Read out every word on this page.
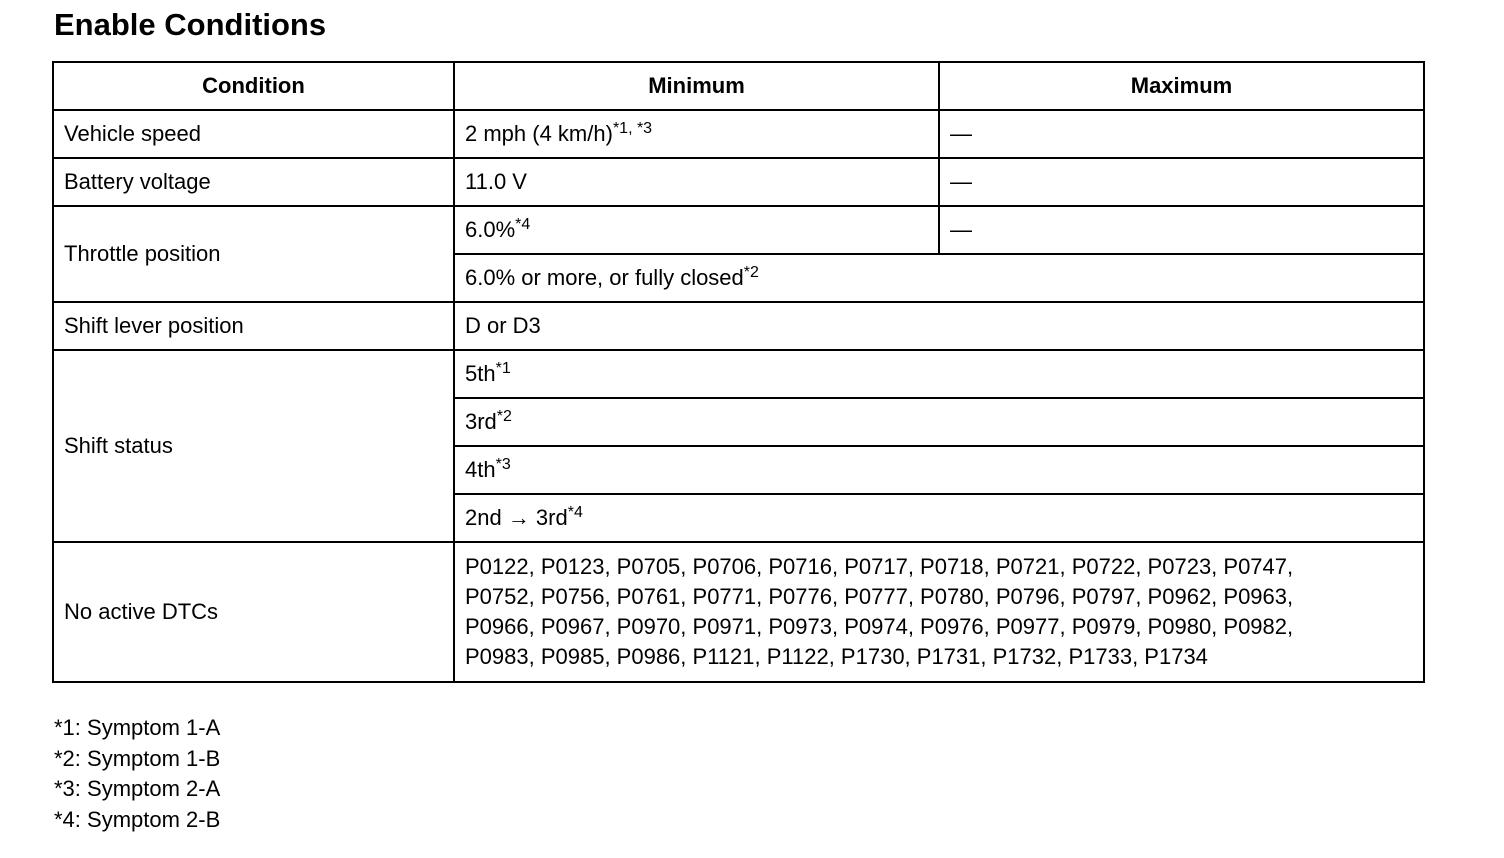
Enable Conditions
Condition	Minimum	Maximum
Vehicle speed	2 mph (4 km/h)$^{*1, *3}$	—
Battery voltage	11.0 V	—
Throttle position	6.0%$^{*4}$	—
	6.0% or more, or fully closed$^{*2}$
Shift lever position	D or D3	
Shift status	$5th^{*1}$
	$3rd^{*2}$
	$4th^{*3}$
	$2nd \to 3rd^{*4}$
No active DTCs	P0122, P0123, P0705, P0706, P0716, P0717, P0718, P0721, P0722, P0723, P0747,
P0752, P0756, P0761, P0771, P0776, P0777, P0780, P0796, P0797, P0962, P0963,
P0966, P0967, P0970, P0971, P0973, P0974, P0976, P0977, P0979, P0980, P0982,
P0983, P0985, P0986, P1121, P1122, P1730, P1731, P1732, P1733, P1734	
*1: Symptom 1-A
*2: Symptom 1-B
*3: Symptom 2-A
*4: Symptom 2-B
